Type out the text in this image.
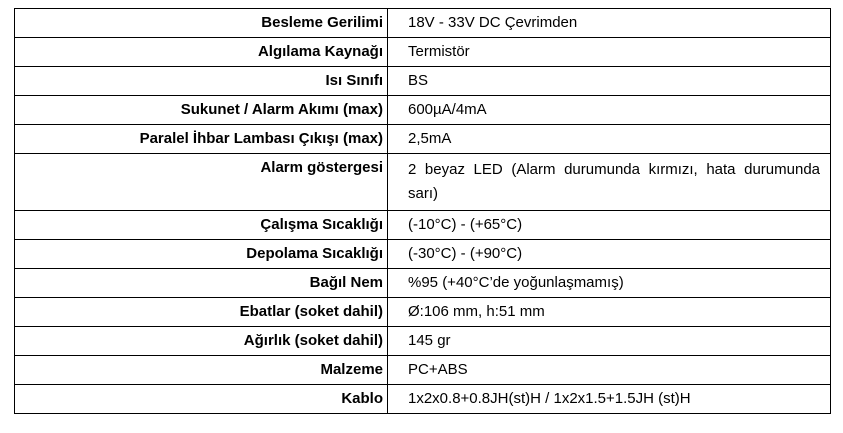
Besleme Gerilimi	18V - 33V DC Çevrimden
Algılama Kaynağı	Termistör
Isı Sınıfı	BS
Sukunet / Alarm Akımı (max)	600µA/4mA
Paralel İhbar Lambası Çıkışı (max)	2,5mA
Alarm göstergesi	2 beyaz LED (Alarm durumunda kırmızı, hata durumunda sarı)
Çalışma Sıcaklığı	(-10°C) - (+65°C)
Depolama Sıcaklığı	(-30°C) - (+90°C)
Bağıl Nem	%95 (+40°C’de yoğunlaşmamış)
Ebatlar (soket dahil)	Ø:106 mm, h:51 mm
Ağırlık (soket dahil)	145 gr
Malzeme	PC+ABS
Kablo	1x2x0.8+0.8JH(st)H / 1x2x1.5+1.5JH (st)H
